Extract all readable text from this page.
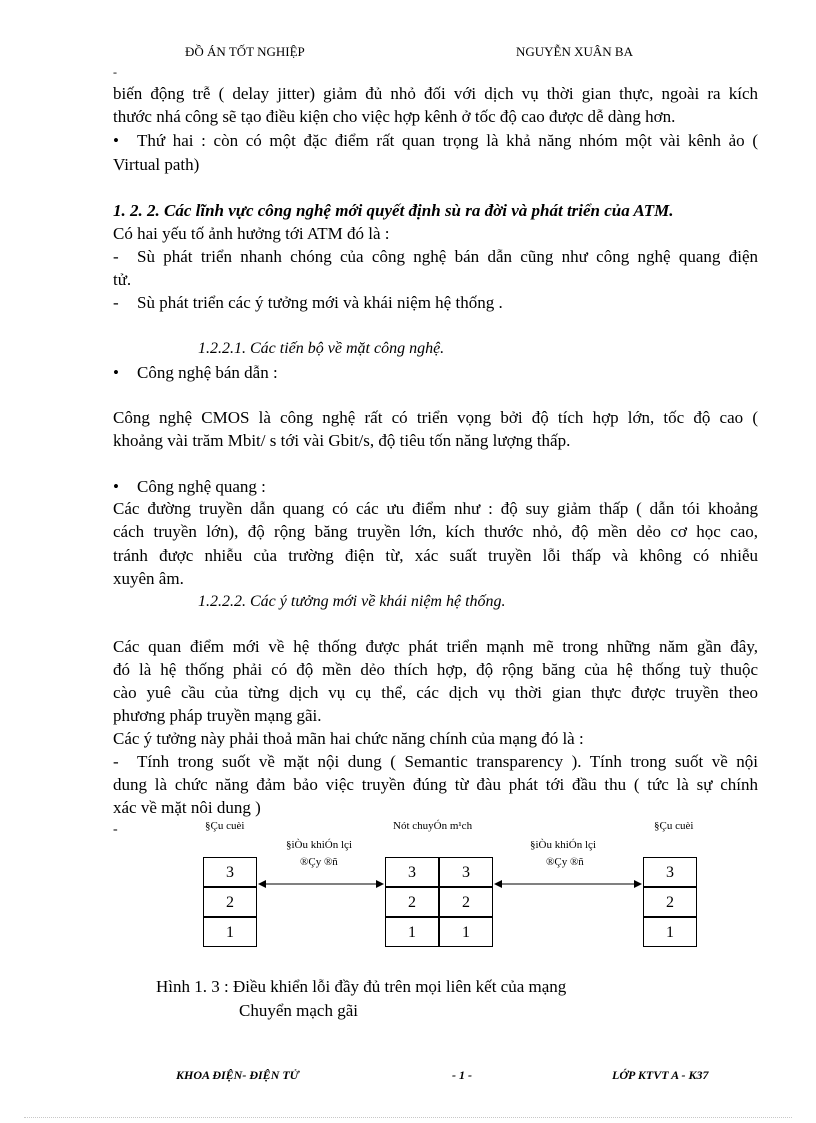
ĐỒ ÁN TỐT NGHIỆP	NGUYỄN XUÂN BA
-
biến động trễ ( delay jitter) giảm đủ nhỏ đối với dịch vụ thời gian thực, ngoài ra kích
thước nhá công sẽ tạo điều kiện cho việc hợp kênh ở tốc độ cao được dễ dàng hơn.
Thứ hai : còn có một đặc điểm rất quan trọng là khả năng nhóm một vài kênh ảo (
Virtual path)
1. 2. 2. Các lĩnh vực công nghệ mới quyết định sù ra đời và phát triển của ATM.
Có hai yếu tố ảnh hưởng tới ATM đó là :
- Sù phát triển nhanh chóng của công nghệ bán dẫn cũng như công nghệ quang điện
tử.
- Sù phát triển các ý tưởng mới và khái niệm hệ thống .
1.2.2.1. Các tiến bộ về mặt công nghệ.
Công nghệ bán dẫn :
Công nghệ CMOS là công nghệ rất có triển vọng bởi độ tích hợp lớn, tốc độ cao (
khoảng vài trăm Mbit/ s tới vài Gbit/s, độ tiêu tốn năng lượng thấp.
Công nghệ quang :
Các đường truyền dẫn quang có các ưu điểm như : độ suy giảm thấp ( dẫn tói khoảng
cách truyền lớn), độ rộng băng truyền lớn, kích thước nhỏ, độ mền dẻo cơ học cao,
tránh được nhiễu của trường điện từ, xác suất truyền lỗi thấp và không có nhiễu
xuyên âm.
1.2.2.2. Các ý tưởng mới về khái niệm hệ thống.
Các quan điểm mới về hệ thống được phát triển mạnh mẽ trong những năm gần đây,
đó là hệ thống phải có độ mền dẻo thích hợp, độ rộng băng của hệ thống tuỳ thuộc
cào yuê cầu của từng dịch vụ cụ thể, các dịch vụ thời gian thực được truyền theo
phương pháp truyền mạng gãi.
Các ý tưởng này phải thoả mãn hai chức năng chính của mạng đó là :
- Tính trong suốt về mặt nội dung ( Semantic transparency ). Tính trong suốt về nội
dung là chức năng đảm bảo việc truyền đúng từ đàu phát tới đầu thu ( tức là sự chính
xác về mặt nôi dung )
-	§Çu cuèi	Nót chuyÓn m¹ch	§Çu cuèi
§iÒu khiÓn lçi
®Çy ®ñ
§iÒu khiÓn lçi
®Çy ®ñ
3
2
1
3
2
1
3
2
1
3
2
1
Hình 1. 3 : Điều khiển lỗi đầy đủ trên mọi liên kết của mạng
Chuyển mạch gãi
KHOA ĐIỆN- ĐIỆN TỬ	- 1 -	LỚP KTVT A - K37
